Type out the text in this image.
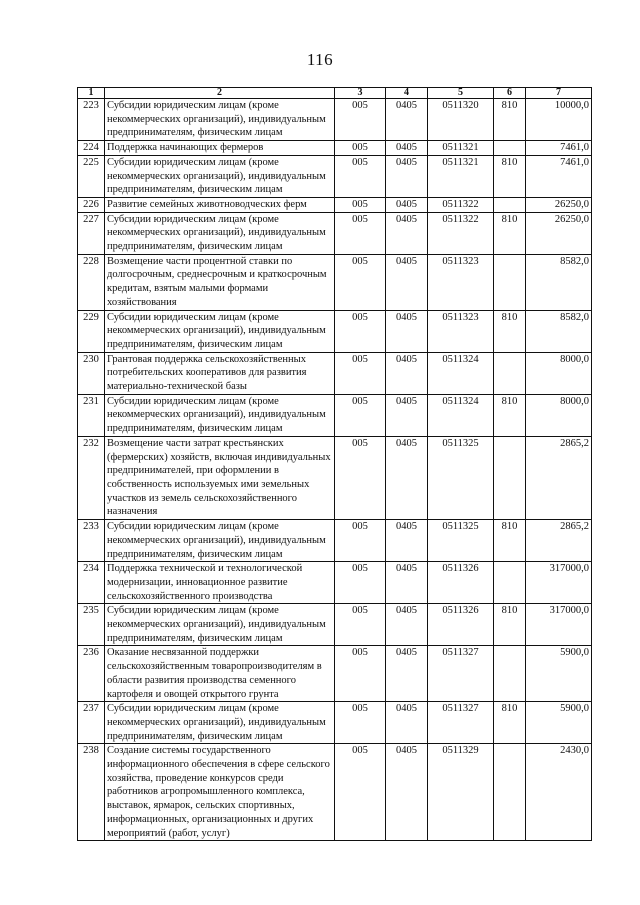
116
1	2	3	4	5	6	7
223	Субсидии юридическим лицам (кроме некоммерческих организаций), индивидуальным предпринимателям, физическим лицам	005	0405	0511320	810	10000,0
224	Поддержка начинающих фермеров	005	0405	0511321		7461,0
225	Субсидии юридическим лицам (кроме некоммерческих организаций), индивидуальным предпринимателям, физическим лицам	005	0405	0511321	810	7461,0
226	Развитие семейных животноводческих ферм	005	0405	0511322		26250,0
227	Субсидии юридическим лицам (кроме некоммерческих организаций), индивидуальным предпринимателям, физическим лицам	005	0405	0511322	810	26250,0
228	Возмещение части процентной ставки по долгосрочным, среднесрочным и краткосрочным кредитам, взятым малыми формами хозяйствования	005	0405	0511323		8582,0
229	Субсидии юридическим лицам (кроме некоммерческих организаций), индивидуальным предпринимателям, физическим лицам	005	0405	0511323	810	8582,0
230	Грантовая поддержка сельскохозяйственных потребительских кооперативов для развития материально-технической базы	005	0405	0511324		8000,0
231	Субсидии юридическим лицам (кроме некоммерческих организаций), индивидуальным предпринимателям, физическим лицам	005	0405	0511324	810	8000,0
232	Возмещение части затрат крестьянских (фермерских) хозяйств, включая индивидуальных предпринимателей, при оформлении в собственность используемых ими земельных участков из земель сельскохозяйственного назначения	005	0405	0511325		2865,2
233	Субсидии юридическим лицам (кроме некоммерческих организаций), индивидуальным предпринимателям, физическим лицам	005	0405	0511325	810	2865,2
234	Поддержка технической и технологической модернизации, инновационное развитие сельскохозяйственного производства	005	0405	0511326		317000,0
235	Субсидии юридическим лицам (кроме некоммерческих организаций), индивидуальным предпринимателям, физическим лицам	005	0405	0511326	810	317000,0
236	Оказание несвязанной поддержки сельскохозяйственным товаропроизводителям в области развития производства семенного картофеля и овощей открытого грунта	005	0405	0511327		5900,0
237	Субсидии юридическим лицам (кроме некоммерческих организаций), индивидуальным предпринимателям, физическим лицам	005	0405	0511327	810	5900,0
238	Создание системы государственного информационного обеспечения в сфере сельского хозяйства, проведение конкурсов среди работников агропромышленного комплекса, выставок, ярмарок, сельских спортивных, информационных, организационных и других мероприятий (работ, услуг)	005	0405	0511329		2430,0
